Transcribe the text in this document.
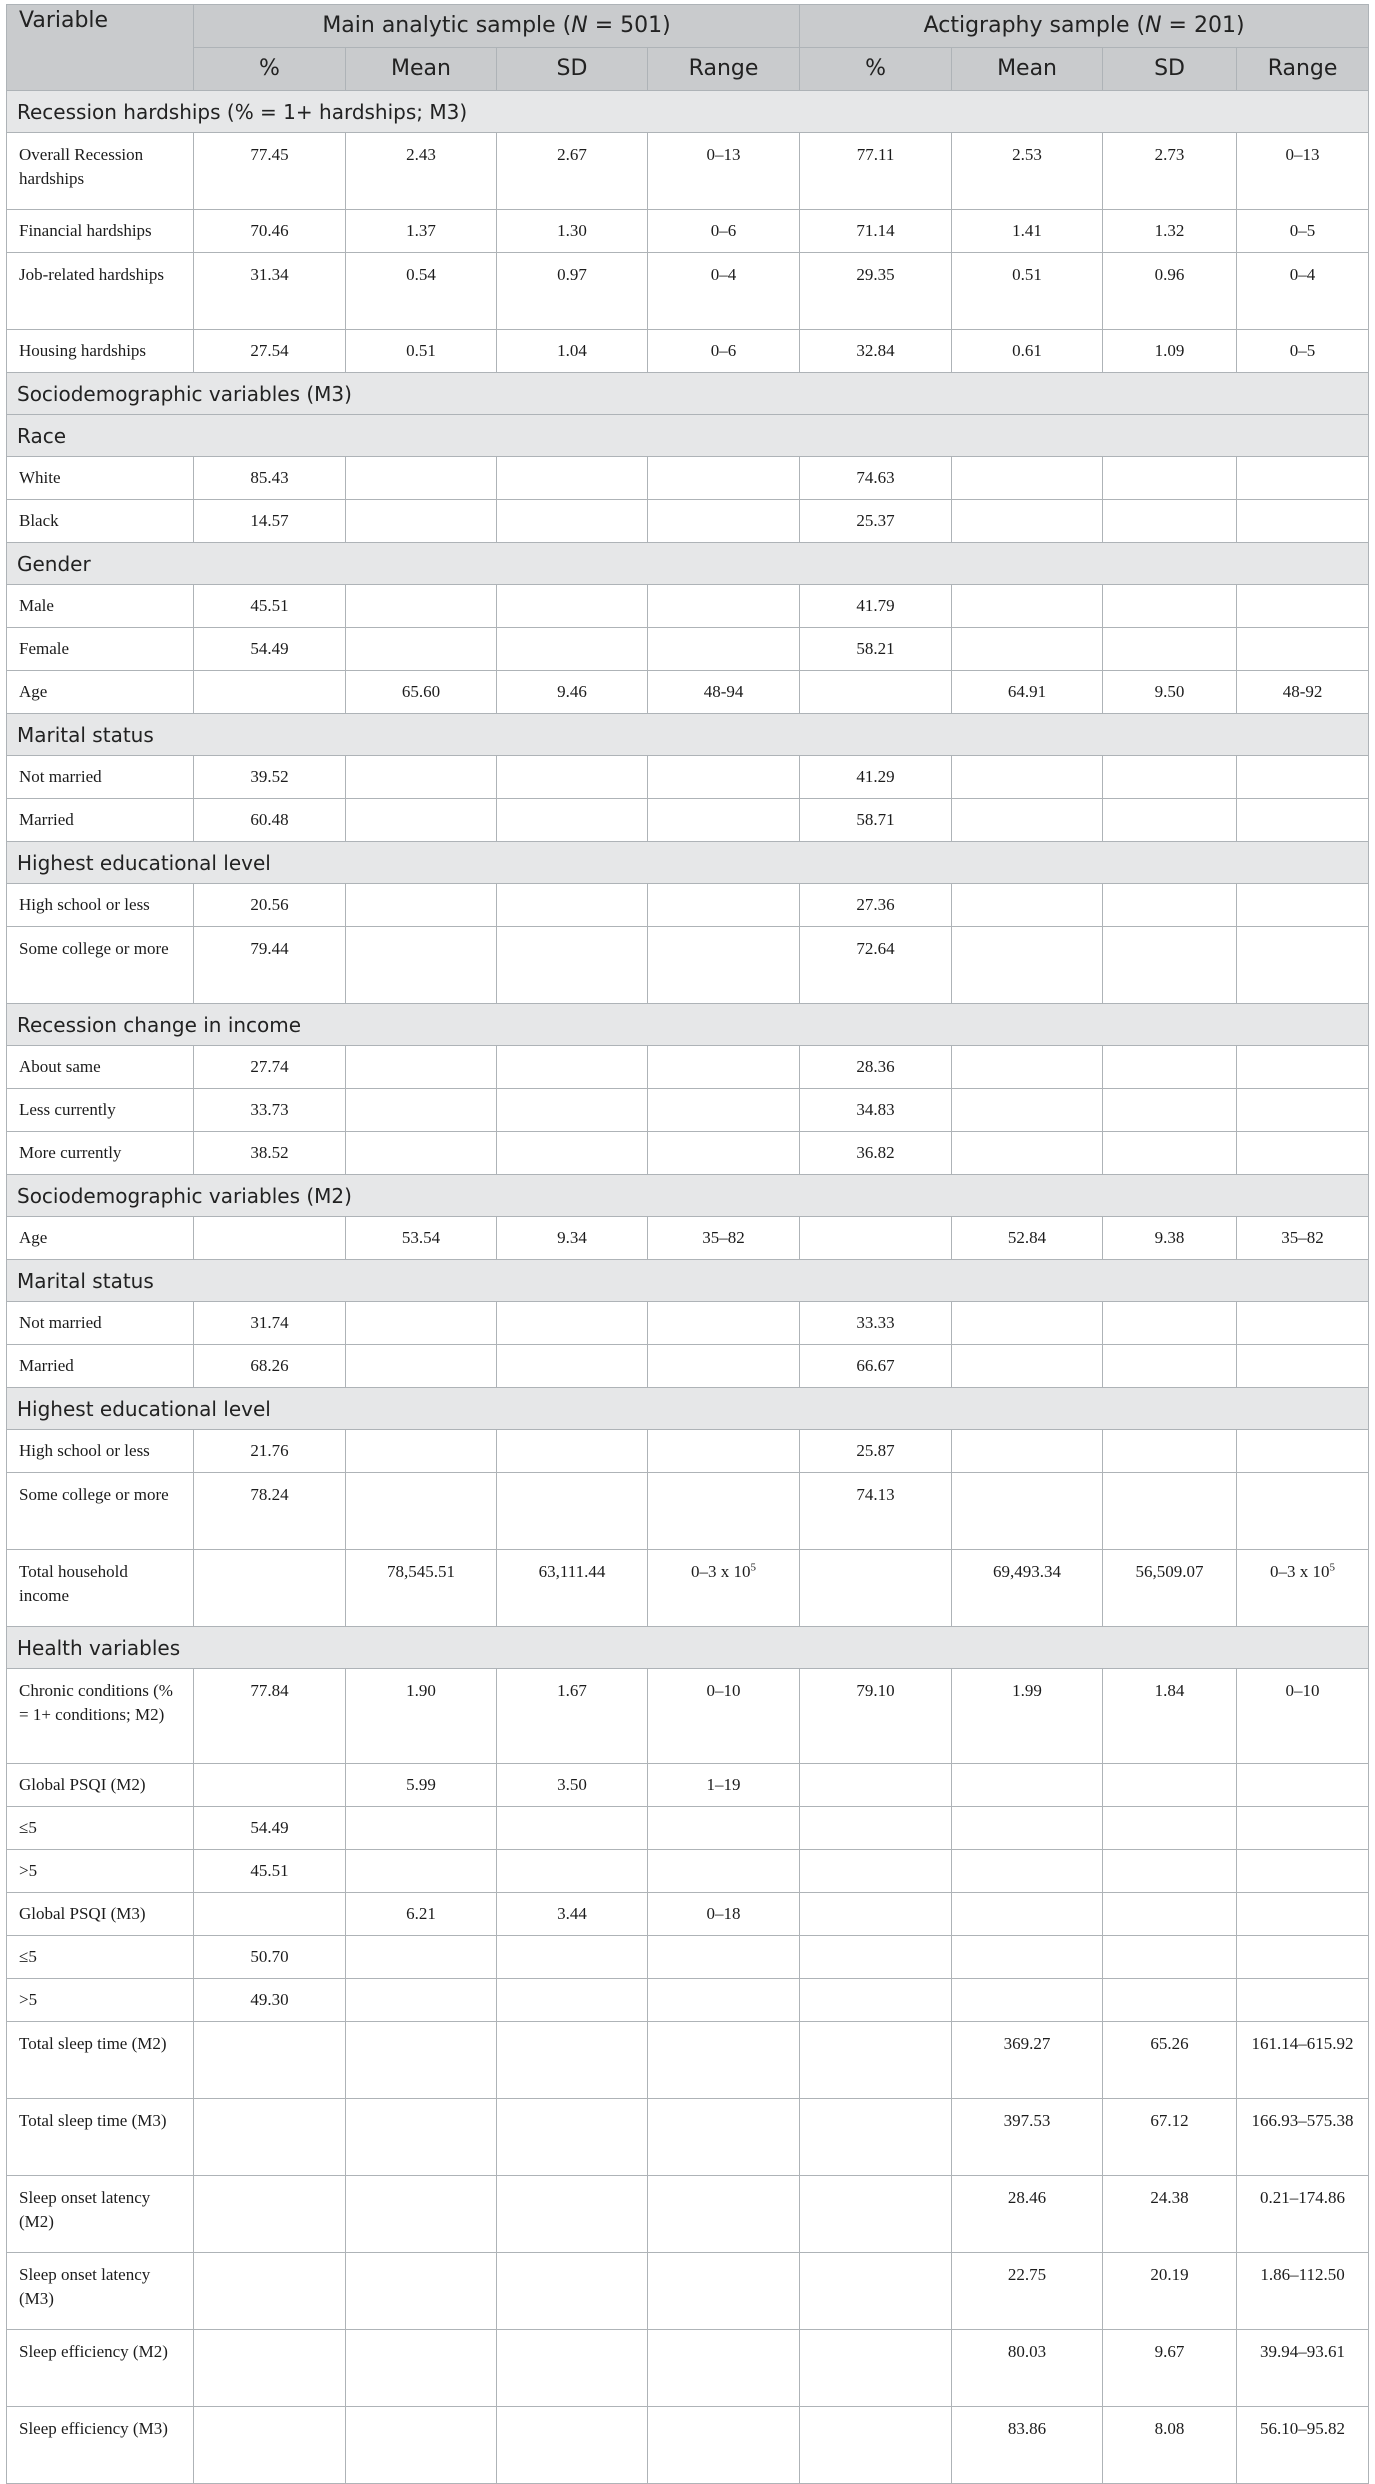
Variable	Main analytic sample (N = 501)				Actigraphy sample (N = 201)			
	%	Mean	SD	Range	%	Mean	SD	Range
Recession hardships (% = 1+ hardships; M3)								
Overall Recession hardships	77.45	2.43	2.67	0–13	77.11	2.53	2.73	0–13
Financial hardships	70.46	1.37	1.30	0–6	71.14	1.41	1.32	0–5
Job-related hardships	31.34	0.54	0.97	0–4	29.35	0.51	0.96	0–4
Housing hardships	27.54	0.51	1.04	0–6	32.84	0.61	1.09	0–5
Sociodemographic variables (M3)								
Race								
White	85.43				74.63			
Black	14.57				25.37			
Gender								
Male	45.51				41.79			
Female	54.49				58.21			
Age		65.60	9.46	48-94		64.91	9.50	48-92
Marital status								
Not married	39.52				41.29			
Married	60.48				58.71			
Highest educational level								
High school or less	20.56				27.36			
Some college or more	79.44				72.64			
Recession change in income								
About same	27.74				28.36			
Less currently	33.73				34.83			
More currently	38.52				36.82			
Sociodemographic variables (M2)								
Age		53.54	9.34	35–82		52.84	9.38	35–82
Marital status								
Not married	31.74				33.33			
Married	68.26				66.67			
Highest educational level								
High school or less	21.76				25.87			
Some college or more	78.24				74.13			
Total household income		78,545.51	63,111.44	0–3 x $10^5$		69,493.34	56,509.07	0–3 x $10^5$
Health variables								
Chronic conditions (% = 1+ conditions; M2)	77.84	1.90	1.67	0–10	79.10	1.99	1.84	0–10
Global PSQI (M2)		5.99	3.50	1–19				
≤5	54.49							
>5	45.51							
Global PSQI (M3)		6.21	3.44	0–18				
≤5	50.70							
>5	49.30							
Total sleep time (M2)						369.27	65.26	161.14–615.92
Total sleep time (M3)						397.53	67.12	166.93–575.38
Sleep onset latency (M2)						28.46	24.38	0.21–174.86
Sleep onset latency (M3)						22.75	20.19	1.86–112.50
Sleep efficiency (M2)						80.03	9.67	39.94–93.61
Sleep efficiency (M3)						83.86	8.08	56.10–95.82
